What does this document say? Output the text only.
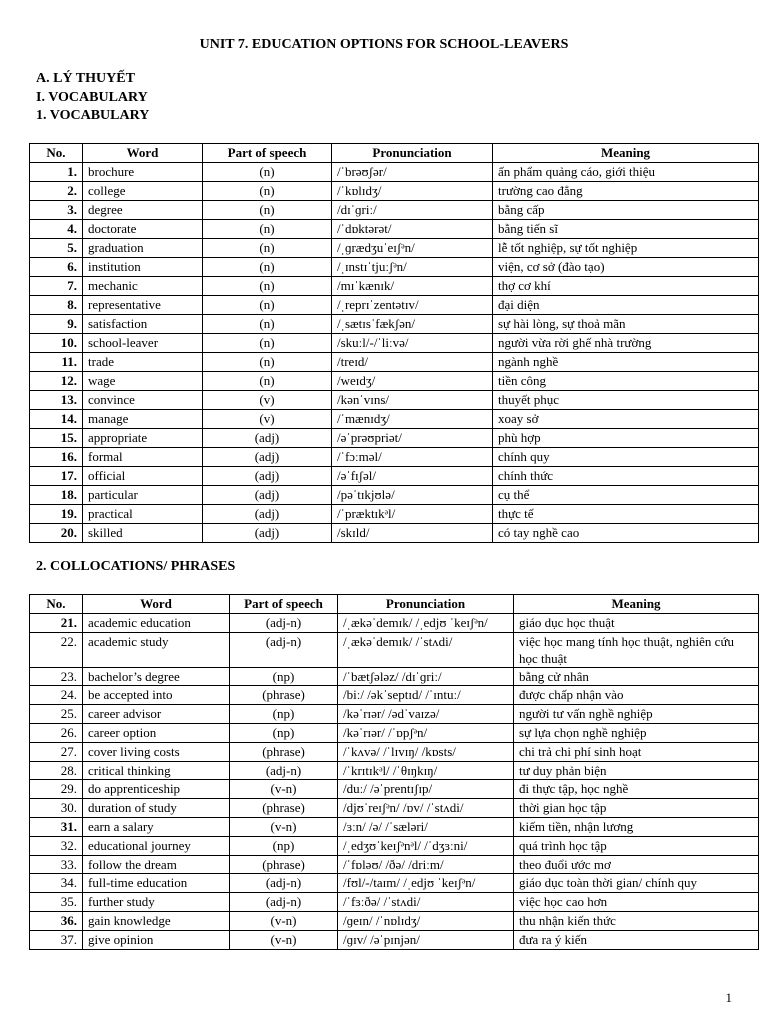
UNIT 7. EDUCATION OPTIONS FOR SCHOOL-LEAVERS
A. LÝ THUYẾT
I. VOCABULARY
1. VOCABULARY
No.	Word	Part of speech	Pronunciation	Meaning
1.	brochure	(n)	/ˈbrəʊʃər/	ấn phẩm quảng cáo, giới thiệu
2.	college	(n)	/ˈkɒlɪdʒ/	trường cao đẳng
3.	degree	(n)	/dɪˈɡriː/	bằng cấp
4.	doctorate	(n)	/ˈdɒktərət/	bằng tiến sĩ
5.	graduation	(n)	/ˌɡrædʒuˈeɪʃᵊn/	lễ tốt nghiệp, sự tốt nghiệp
6.	institution	(n)	/ˌɪnstɪˈtjuːʃᵊn/	viện, cơ sở (đào tạo)
7.	mechanic	(n)	/mɪˈkænɪk/	thợ cơ khí
8.	representative	(n)	/ˌreprɪˈzentətɪv/	đại diện
9.	satisfaction	(n)	/ˌsætɪsˈfækʃən/	sự hài lòng, sự thoả mãn
10.	school-leaver	(n)	/skuːl/-/ˈliːvə/	người vừa rời ghế nhà trường
11.	trade	(n)	/treɪd/	ngành nghề
12.	wage	(n)	/weɪdʒ/	tiền công
13.	convince	(v)	/kənˈvɪns/	thuyết phục
14.	manage	(v)	/ˈmænɪdʒ/	xoay sở
15.	appropriate	(adj)	/əˈprəʊpriət/	phù hợp
16.	formal	(adj)	/ˈfɔːməl/	chính quy
17.	official	(adj)	/əˈfɪʃəl/	chính thức
18.	particular	(adj)	/pəˈtɪkjʊlə/	cụ thể
19.	practical	(adj)	/ˈpræktɪkᵊl/	thực tế
20.	skilled	(adj)	/skɪld/	có tay nghề cao
2. COLLOCATIONS/ PHRASES
No.	Word	Part of speech	Pronunciation	Meaning
21.	academic education	(adj-n)	/ˌækəˈdemɪk/ /ˌedjʊ ˈkeɪʃᵊn/	giáo dục học thuật
22.	academic study	(adj-n)	/ˌækəˈdemɪk/ /ˈstʌdi/	việc học mang tính học thuật, nghiên cứu học thuật
23.	bachelor’s degree	(np)	/ˈbætʃələz/ /dɪˈɡriː/	bằng cử nhân
24.	be accepted into	(phrase)	/biː/ /əkˈseptɪd/ /ˈɪntuː/	được chấp nhận vào
25.	career advisor	(np)	/kəˈrɪər/ /ədˈvaɪzə/	người tư vấn nghề nghiệp
26.	career option	(np)	/kəˈrɪər/ /ˈɒpʃᵊn/	sự lựa chọn nghề nghiệp
27.	cover living costs	(phrase)	/ˈkʌvə/ /ˈlɪvɪŋ/ /kɒsts/	chi trả chi phí sinh hoạt
28.	critical thinking	(adj-n)	/ˈkrɪtɪkᵊl/ /ˈθɪŋkɪŋ/	tư duy phản biện
29.	do apprenticeship	(v-n)	/duː/ /əˈprentɪʃɪp/	đi thực tập, học nghề
30.	duration of study	(phrase)	/djʊˈreɪʃᵊn/ /ɒv/ /ˈstʌdi/	thời gian học tập
31.	earn a salary	(v-n)	/ɜːn/ /ə/ /ˈsæləri/	kiếm tiền, nhận lương
32.	educational journey	(np)	/ˌedʒʊˈkeɪʃᵊnᵊl/ /ˈdʒɜːni/	quá trình học tập
33.	follow the dream	(phrase)	/ˈfɒləʊ/ /ðə/ /driːm/	theo đuổi ước mơ
34.	full-time education	(adj-n)	/fʊl/-/taɪm/ /ˌedjʊ ˈkeɪʃᵊn/	giáo dục toàn thời gian/ chính quy
35.	further study	(adj-n)	/ˈfɜːðə/ /ˈstʌdi/	việc học cao hơn
36.	gain knowledge	(v-n)	/ɡeɪn/ /ˈnɒlɪdʒ/	thu nhận kiến thức
37.	give opinion	(v-n)	/ɡɪv/ /əˈpɪnjən/	đưa ra ý kiến
1
